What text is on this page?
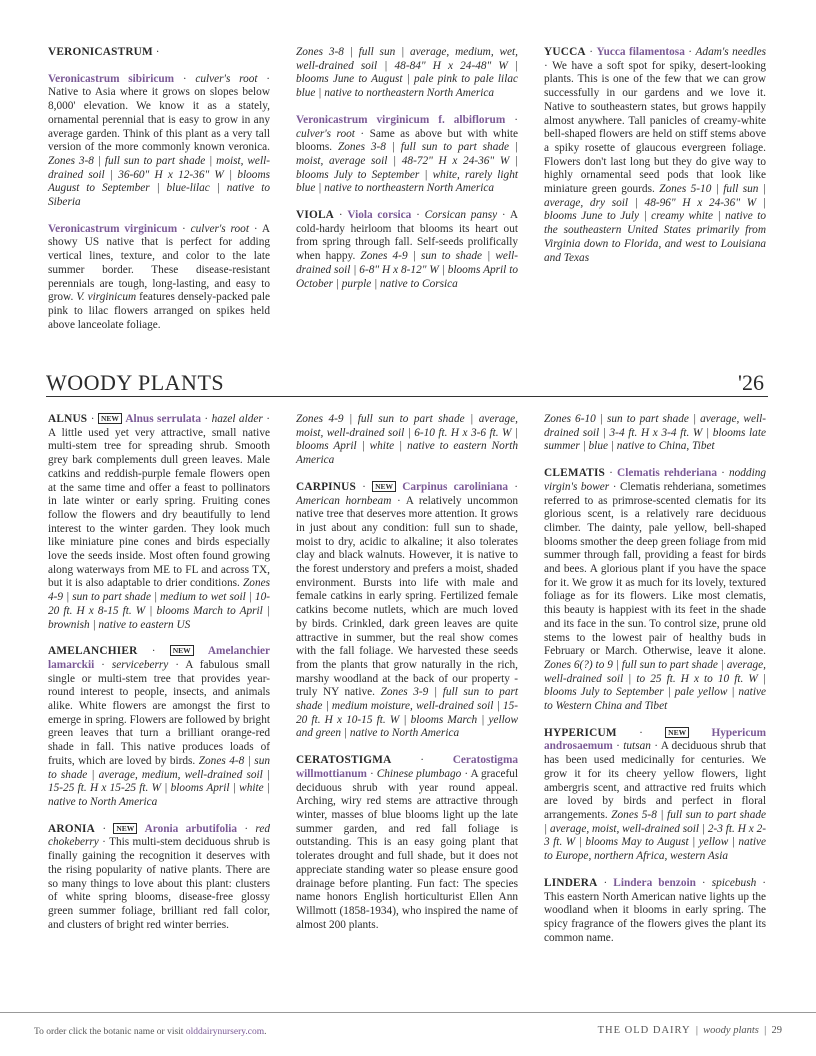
VERONICASTRUM ·

Veronicastrum sibiricum · culver's root · Native to Asia where it grows on slopes below 8,000' elevation. We know it as a stately, ornamental perennial that is easy to grow in any average garden. Think of this plant as a very tall version of the more commonly known veronica. Zones 3-8 | full sun to part shade | moist, well-drained soil | 36-60" H x 12-36" W | blooms August to September | blue-lilac | native to Siberia

Veronicastrum virginicum · culver's root · A showy US native that is perfect for adding vertical lines, texture, and color to the late summer border. These disease-resistant perennials are tough, long-lasting, and easy to grow. V. virginicum features densely-packed pale pink to lilac flowers arranged on spikes held above lanceolate foliage.

Zones 3-8 | full sun | average, medium, wet, well-drained soil | 48-84" H x 24-48" W | blooms June to August | pale pink to pale lilac blue | native to northeastern North America

Veronicastrum virginicum f. albiflorum · culver's root · Same as above but with white blooms. Zones 3-8 | full sun to part shade | moist, average soil | 48-72" H x 24-36" W | blooms July to September | white, rarely light blue | native to northeastern North America

VIOLA · Viola corsica · Corsican pansy · A cold-hardy heirloom that blooms its heart out from spring through fall. Self-seeds prolifically when happy. Zones 4-9 | sun to shade | well-drained soil | 6-8" H x 8-12" W | blooms April to October | purple | native to Corsica

YUCCA · Yucca filamentosa · Adam's needles · We have a soft spot for spiky, desert-looking plants. This is one of the few that we can grow successfully in our gardens and we love it. Native to southeastern states, but grows happily almost anywhere. Tall panicles of creamy-white bell-shaped flowers are held on stiff stems above a spiky rosette of glaucous evergreen foliage. Flowers don't last long but they do give way to highly ornamental seed pods that look like miniature green gourds. Zones 5-10 | full sun | average, dry soil | 48-96" H x 24-36" W | blooms June to July | creamy white | native to the southeastern United States primarily from Virginia down to Florida, and west to Louisiana and Texas

WOODY PLANTS	'26

ALNUS · NEW Alnus serrulata · hazel alder · A little used yet very attractive, small native multi-stem tree for spreading shrub. Smooth grey bark complements dull green leaves. Male catkins and reddish-purple female flowers open at the same time and offer a feast to pollinators in late winter or early spring. Fruiting cones follow the flowers and dry beautifully to lend interest to the winter garden. They look much like miniature pine cones and birds especially love the seeds inside. Most often found growing along waterways from ME to FL and across TX, but it is also adaptable to drier conditions. Zones 4-9 | sun to part shade | medium to wet soil | 10-20 ft. H x 8-15 ft. W | blooms March to April | brownish | native to eastern US

AMELANCHIER · NEW Amelanchier lamarckii · serviceberry · A fabulous small single or multi-stem tree that provides year-round interest to people, insects, and animals alike. White flowers are amongst the first to emerge in spring. Flowers are followed by bright green leaves that turn a brilliant orange-red shade in fall. This native produces loads of fruits, which are loved by birds. Zones 4-8 | sun to shade | average, medium, well-drained soil | 15-25 ft. H x 15-25 ft. W | blooms April | white | native to North America

ARONIA · NEW Aronia arbutifolia · red chokeberry · This multi-stem deciduous shrub is finally gaining the recognition it deserves with the rising popularity of native plants. There are so many things to love about this plant: clusters of white spring blooms, disease-free glossy green summer foliage, brilliant red fall color, and clusters of bright red winter berries.

Zones 4-9 | full sun to part shade | average, moist, well-drained soil | 6-10 ft. H x 3-6 ft. W | blooms April | white | native to eastern North America

CARPINUS · NEW Carpinus caroliniana · American hornbeam · A relatively uncommon native tree that deserves more attention. It grows in just about any condition: full sun to shade, moist to dry, acidic to alkaline; it also tolerates clay and black walnuts. However, it is native to the forest understory and prefers a moist, shaded environment. Bursts into life with male and female catkins in early spring. Fertilized female catkins become nutlets, which are much loved by birds. Crinkled, dark green leaves are quite attractive in summer, but the real show comes with the fall foliage. We harvested these seeds from the plants that grow naturally in the rich, marshy woodland at the back of our property - truly NY native. Zones 3-9 | full sun to part shade | medium moisture, well-drained soil | 15-20 ft. H x 10-15 ft. W | blooms March | yellow and green | native to North America

CERATOSTIGMA	·	Ceratostigma willmottianum · Chinese plumbago · A graceful deciduous shrub with year round appeal. Arching, wiry red stems are attractive through winter, masses of blue blooms light up the late summer garden, and red fall foliage is outstanding. This is an easy going plant that tolerates drought and full shade, but it does not appreciate standing water so please ensure good drainage before planting. Fun fact: The species name honors English horticulturist Ellen Ann Willmott (1858-1934), who inspired the name of almost 200 plants.

Zones 6-10 | sun to part shade | average, well-drained soil | 3-4 ft. H x 3-4 ft. W | blooms late summer | blue | native to China, Tibet

CLEMATIS · Clematis rehderiana · nodding virgin's bower · Clematis rehderiana, sometimes referred to as primrose-scented clematis for its glorious scent, is a relatively rare deciduous climber. The dainty, pale yellow, bell-shaped blooms smother the deep green foliage from mid summer through fall, providing a feast for birds and bees. A glorious plant if you have the space for it. We grow it as much for its lovely, textured foliage as for its flowers. Like most clematis, this beauty is happiest with its feet in the shade and its face in the sun. To control size, prune old stems to the lowest pair of healthy buds in February or March. Otherwise, leave it alone. Zones 6(?) to 9 | full sun to part shade | average, well-drained soil | to 25 ft. H x to 10 ft. W | blooms July to September | pale yellow | native to Western China and Tibet

HYPERICUM ·	NEW Hypericum androsaemum · tutsan · A deciduous shrub that has been used medicinally for centuries. We grow it for its cheery yellow flowers, light ambergris scent, and attractive red fruits which are loved by birds and perfect in floral arrangements. Zones 5-8 | full sun to part shade | average, moist, well-drained soil | 2-3 ft. H x 2-3 ft. W | blooms May to August | yellow | native to Europe, northern Africa, western Asia

LINDERA · Lindera benzoin · spicebush · This eastern North American native lights up the woodland when it blooms in early spring. The spicy fragrance of the flowers gives the plant its common name.

To order click the botanic name or visit olddairynursery.com.	THE OLD DAIRY | woody plants | 29
